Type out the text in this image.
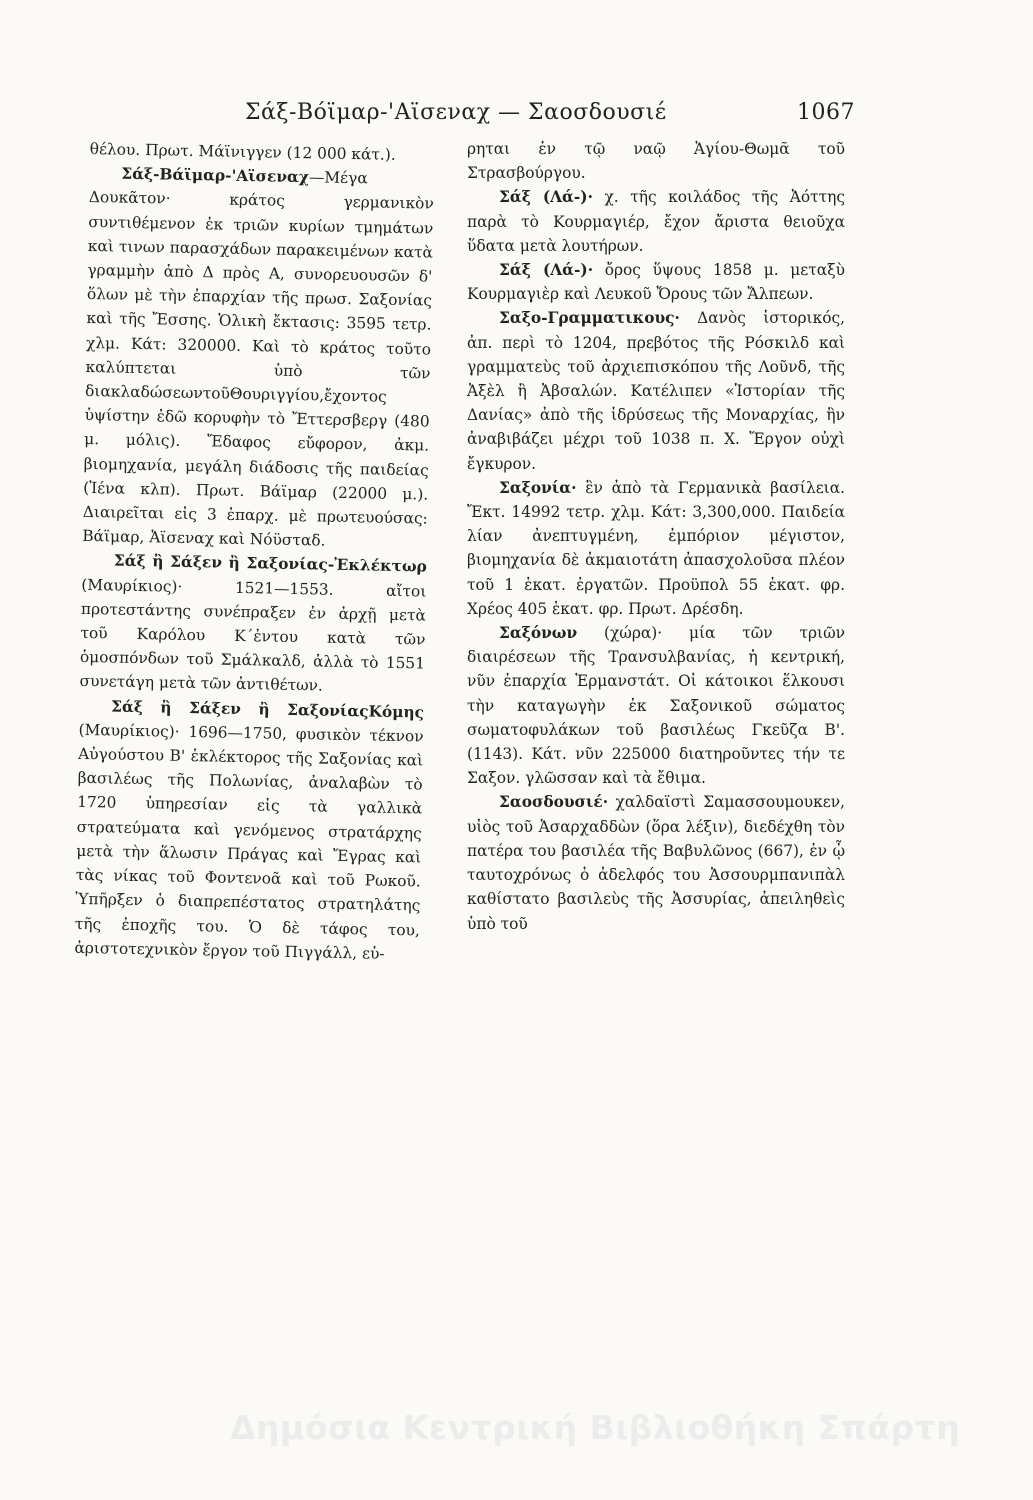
Σάξ-Βόϊμαρ-'Αϊσεναχ — Σαοσδουσιέ	1067

θέλου. Πρωτ. Μάϊνιγγεν (12 000 κάτ.).

Σάξ-Βάϊμαρ-'Αϊσεναχ—Μέγα Δουκᾶτον· κράτος γερμανικὸν συντιθέμενον ἐκ τριῶν κυρίων τμημάτων καὶ τινων παρασχάδων παρακειμένων κατὰ γραμμὴν ἀπὸ Δ πρὸς Α, συνορευουσῶν δ' ὅλων μὲ τὴν ἐπαρχίαν τῆς πρωσ. Σαξονίας καὶ τῆς Ἔσσης. Ὁλικὴ ἔκτασις: 3595 τετρ. χλμ. Κάτ: 320000. Καὶ τὸ κράτος τοῦτο καλύπτεται ὑπὸ τῶν διακλαδώσεωντοῦΘουριγγίου,ἔχοντος ὑψίστην ἐδῶ κορυφὴν τὸ Ἔττερσβεργ (480 μ. μόλις). Ἔδαφος εὔφορον, ἀκμ. βιομηχανία, μεγάλη διάδοσις τῆς παιδείας (Ἰένα κλπ). Πρωτ. Βάϊμαρ (22000 μ.). Διαιρεῖται εἰς 3 ἐπαρχ. μὲ πρωτευούσας: Βάϊμαρ, Ἀϊσεναχ καὶ Νόϋσταδ.

Σάξ ἢ Σάξεν ἢ Σαξονίας-Ἐκλέκτωρ (Μαυρίκιος)· 1521—1553. αἴτοι προτεστάντης συνέπραξεν ἐν ἀρχῇ μετὰ τοῦ Καρόλου Κ΄ἐντου κατὰ τῶν ὁμοσπόνδων τοῦ Σμάλκαλδ, ἀλλὰ τὸ 1551 συνετάγη μετὰ τῶν ἀντιθέτων.

Σάξ ἢ Σάξεν ἢ ΣαξονίαςΚόμης (Μαυρίκιος)· 1696—1750, φυσικὸν τέκνον Αὐγούστου Β' ἐκλέκτορος τῆς Σαξονίας καὶ βασιλέως τῆς Πολωνίας, ἀναλαβὼν τὸ 1720 ὑπηρεσίαν εἰς τὰ γαλλικὰ στρατεύματα καὶ γενόμενος στρατάρχης μετὰ τὴν ἅλωσιν Πράγας καὶ Ἔγρας καὶ τὰς νίκας τοῦ Φοντενοᾶ καὶ τοῦ Ρωκοῦ. Ὑπῆρξεν ὁ διαπρεπέστατος στρατηλάτης τῆς ἐποχῆς του. Ὁ δὲ τάφος του, ἀριστοτεχνικὸν ἔργον τοῦ Πιγγάλλ, εὑ-

ρηται ἐν τῷ ναῷ Ἁγίου-Θωμᾶ τοῦ Στρασβούργου.

Σάξ (Λά-)· χ. τῆς κοιλάδος τῆς Ἀόττης παρὰ τὸ Κουρμαγιέρ, ἔχον ἄριστα θειοῦχα ὕδατα μετὰ λουτήρων.

Σάξ (Λά-)· ὄρος ὕψους 1858 μ. μεταξὺ Κουρμαγιὲρ καὶ Λευκοῦ Ὄρους τῶν Ἄλπεων.

Σαξο-Γραμματικους· Δανὸς ἱστορικός, ἀπ. περὶ τὸ 1204, πρεβότος τῆς Ρόσκιλδ καὶ γραμματεὺς τοῦ ἀρχιεπισκόπου τῆς Λοῦνδ, τῆς Ἀξὲλ ἢ Ἀβσαλών. Κατέλιπεν «Ἱστορίαν τῆς Δανίας» ἀπὸ τῆς ἱδρύσεως τῆς Μοναρχίας, ἣν ἀναβιβάζει μέχρι τοῦ 1038 π. Χ. Ἔργον οὐχὶ ἔγκυρον.

Σαξονία· ἓν ἀπὸ τὰ Γερμανικὰ βασίλεια. Ἔκτ. 14992 τετρ. χλμ. Κάτ: 3,300,000. Παιδεία λίαν ἀνεπτυγμένη, ἐμπόριον μέγιστον, βιομηχανία δὲ ἀκμαιοτάτη ἀπασχολοῦσα πλέον τοῦ 1 ἑκατ. ἐργατῶν. Προϋπολ 55 ἑκατ. φρ. Χρέος 405 ἑκατ. φρ. Πρωτ. Δρέσδη.

Σαξόνων (χώρα)· μία τῶν τριῶν διαιρέσεων τῆς Τρανσυλβανίας, ἡ κεντρική, νῦν ἐπαρχία Ἑρμανστάτ. Οἱ κάτοικοι ἕλκουσι τὴν καταγωγὴν ἐκ Σαξονικοῦ σώματος σωματοφυλάκων τοῦ βασιλέως Γκεῦζα Β'. (1143). Κάτ. νῦν 225000 διατηροῦντες τήν τε Σαξον. γλῶσσαν καὶ τὰ ἔθιμα.

Σαοσδουσιέ· χαλδαϊστὶ Σαμασσουμουκεν, υἱὸς τοῦ Ἀσαρχαδδὼν (ὅρα λέξιν), διεδέχθη τὸν πατέρα του βασιλέα τῆς Βαβυλῶνος (667), ἐν ᾧ ταυτοχρόνως ὁ ἀδελφός του Ἀσσουρμπανιπὰλ καθίστατο βασιλεὺς τῆς Ἀσσυρίας, ἀπειληθεὶς ὑπὸ τοῦ

Δημόσια Κεντρική Βιβλιοθήκη Σπάρτη
